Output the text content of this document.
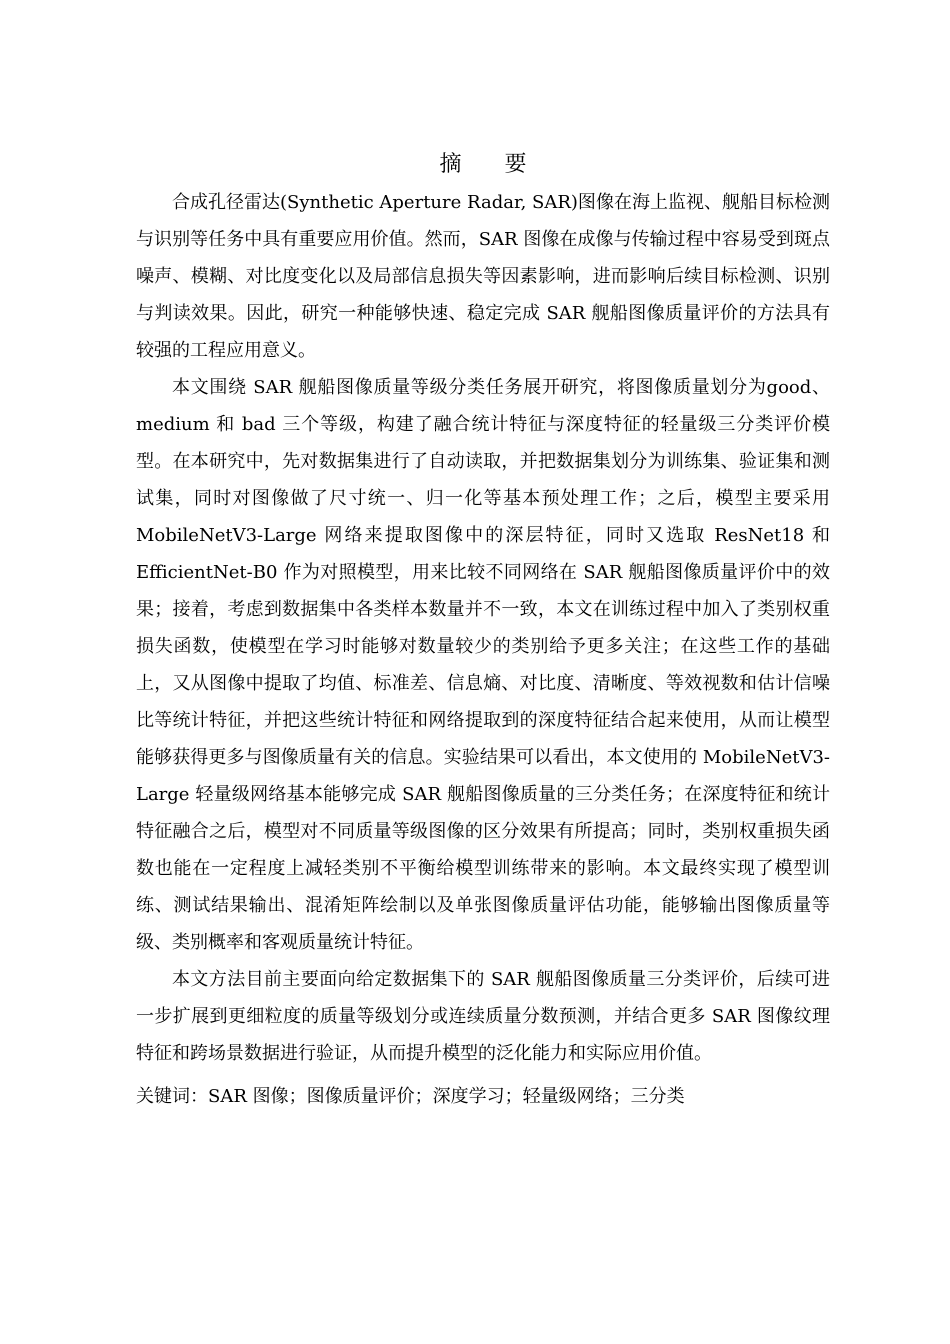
摘 要

合成孔径雷达(Synthetic Aperture Radar, SAR)图像在海上监视、舰船目标检测与识别等任务中具有重要应用价值。然而，SAR 图像在成像与传输过程中容易受到斑点噪声、模糊、对比度变化以及局部信息损失等因素影响，进而影响后续目标检测、识别与判读效果。因此，研究一种能够快速、稳定完成 SAR 舰船图像质量评价的方法具有较强的工程应用意义。

本文围绕 SAR 舰船图像质量等级分类任务展开研究，将图像质量划分为good、medium 和 bad 三个等级，构建了融合统计特征与深度特征的轻量级三分类评价模型。在本研究中，先对数据集进行了自动读取，并把数据集划分为训练集、验证集和测试集，同时对图像做了尺寸统一、归一化等基本预处理工作；之后，模型主要采用 MobileNetV3-Large 网络来提取图像中的深层特征，同时又选取 ResNet18 和 EfficientNet-B0 作为对照模型，用来比较不同网络在 SAR 舰船图像质量评价中的效果；接着，考虑到数据集中各类样本数量并不一致，本文在训练过程中加入了类别权重损失函数，使模型在学习时能够对数量较少的类别给予更多关注；在这些工作的基础上，又从图像中提取了均值、标准差、信息熵、对比度、清晰度、等效视数和估计信噪比等统计特征，并把这些统计特征和网络提取到的深度特征结合起来使用，从而让模型能够获得更多与图像质量有关的信息。实验结果可以看出，本文使用的 MobileNetV3-Large 轻量级网络基本能够完成 SAR 舰船图像质量的三分类任务；在深度特征和统计特征融合之后，模型对不同质量等级图像的区分效果有所提高；同时，类别权重损失函数也能在一定程度上减轻类别不平衡给模型训练带来的影响。本文最终实现了模型训练、测试结果输出、混淆矩阵绘制以及单张图像质量评估功能，能够输出图像质量等级、类别概率和客观质量统计特征。

本文方法目前主要面向给定数据集下的 SAR 舰船图像质量三分类评价，后续可进一步扩展到更细粒度的质量等级划分或连续质量分数预测，并结合更多 SAR 图像纹理特征和跨场景数据进行验证，从而提升模型的泛化能力和实际应用价值。

关键词：SAR 图像；图像质量评价；深度学习；轻量级网络；三分类
